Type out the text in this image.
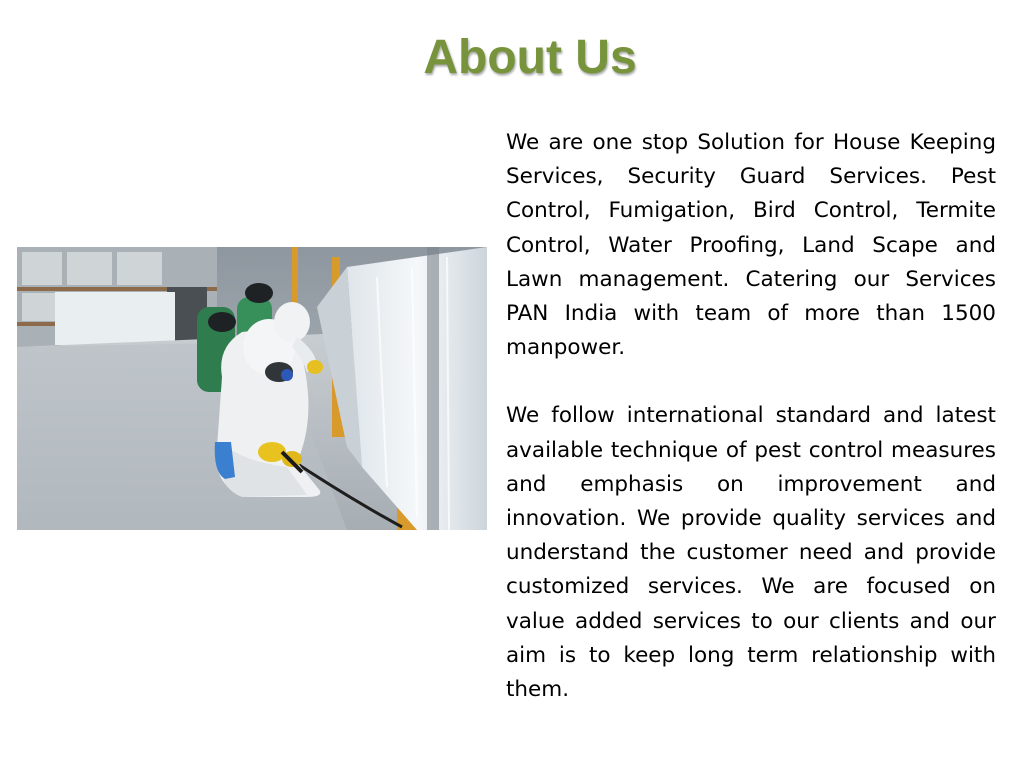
About Us

We are one stop Solution for House Keeping Services, Security Guard Services. Pest Control, Fumigation, Bird Control, Termite Control, Water Proofing, Land Scape and Lawn management. Catering our Services PAN India with team of more than 1500 manpower.

We follow international standard and latest available technique of pest control measures and emphasis on improvement and innovation. We provide quality services and understand the customer need and provide customized services. We are focused on value added services to our clients and our aim is to keep long term relationship with them.
